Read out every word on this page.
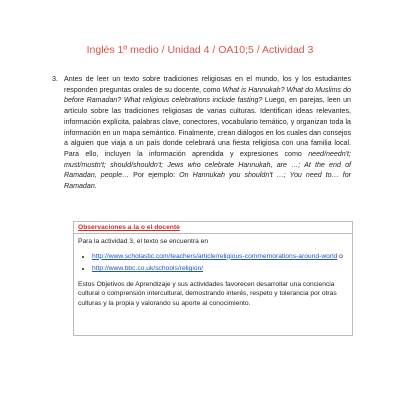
Inglés 1º medio / Unidad 4 / OA10;5 / Actividad 3
3. Antes de leer un texto sobre tradiciones religiosas en el mundo, los y los estudiantes responden preguntas orales de su docente, como What is Hannukah? What do Muslims do before Ramadan? What religious celebrations include fasting? Luego, en parejas, leen un artículo sobre las tradiciones religiosas de varias culturas. Identifican ideas relevantes, información explícita, palabras clave, conectores, vocabulario temático, y organizan toda la información en un mapa semántico. Finalmente, crean diálogos en los cuales dan consejos a alguien que viaja a un país donde celebrará una fiesta religiosa con una familia local. Para ello, incluyen la información aprendida y expresiones como need/needn't; must/mustn't; should/shouldn't; Jews who celebrate Hannukah, are …; At the end of Ramadan, people… Por ejemplo: On Hannukah you shouldn't …; You need to… for Ramadan.

Observaciones a la o el docente

Para la actividad 3, el texto se encuentra en

• http://www.scholastic.com/teachers/article/religious-commemorations-around-world o
• http://www.bbc.co.uk/schools/religion/

Estos Objetivos de Aprendizaje y sus actividades favorecen desarrollar una conciencia cultural o comprensión intercultural, demostrando interés, respeto y tolerancia por otras culturas y la propia y valorando su aporte al conocimiento.
